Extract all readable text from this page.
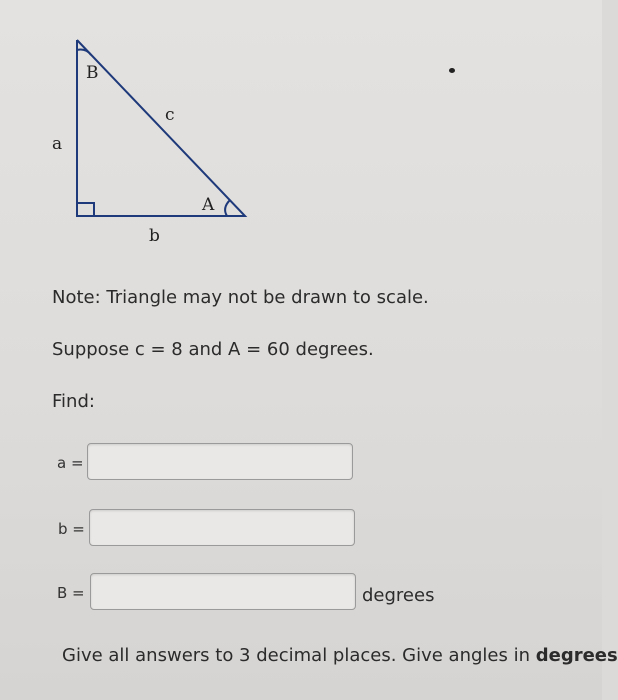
B
c
a
A
b
Note: Triangle may not be drawn to scale.
Suppose c = 8 and A = 60 degrees.
Find:
a =
b =
B =	degrees
Give all answers to 3 decimal places. Give angles in degrees
